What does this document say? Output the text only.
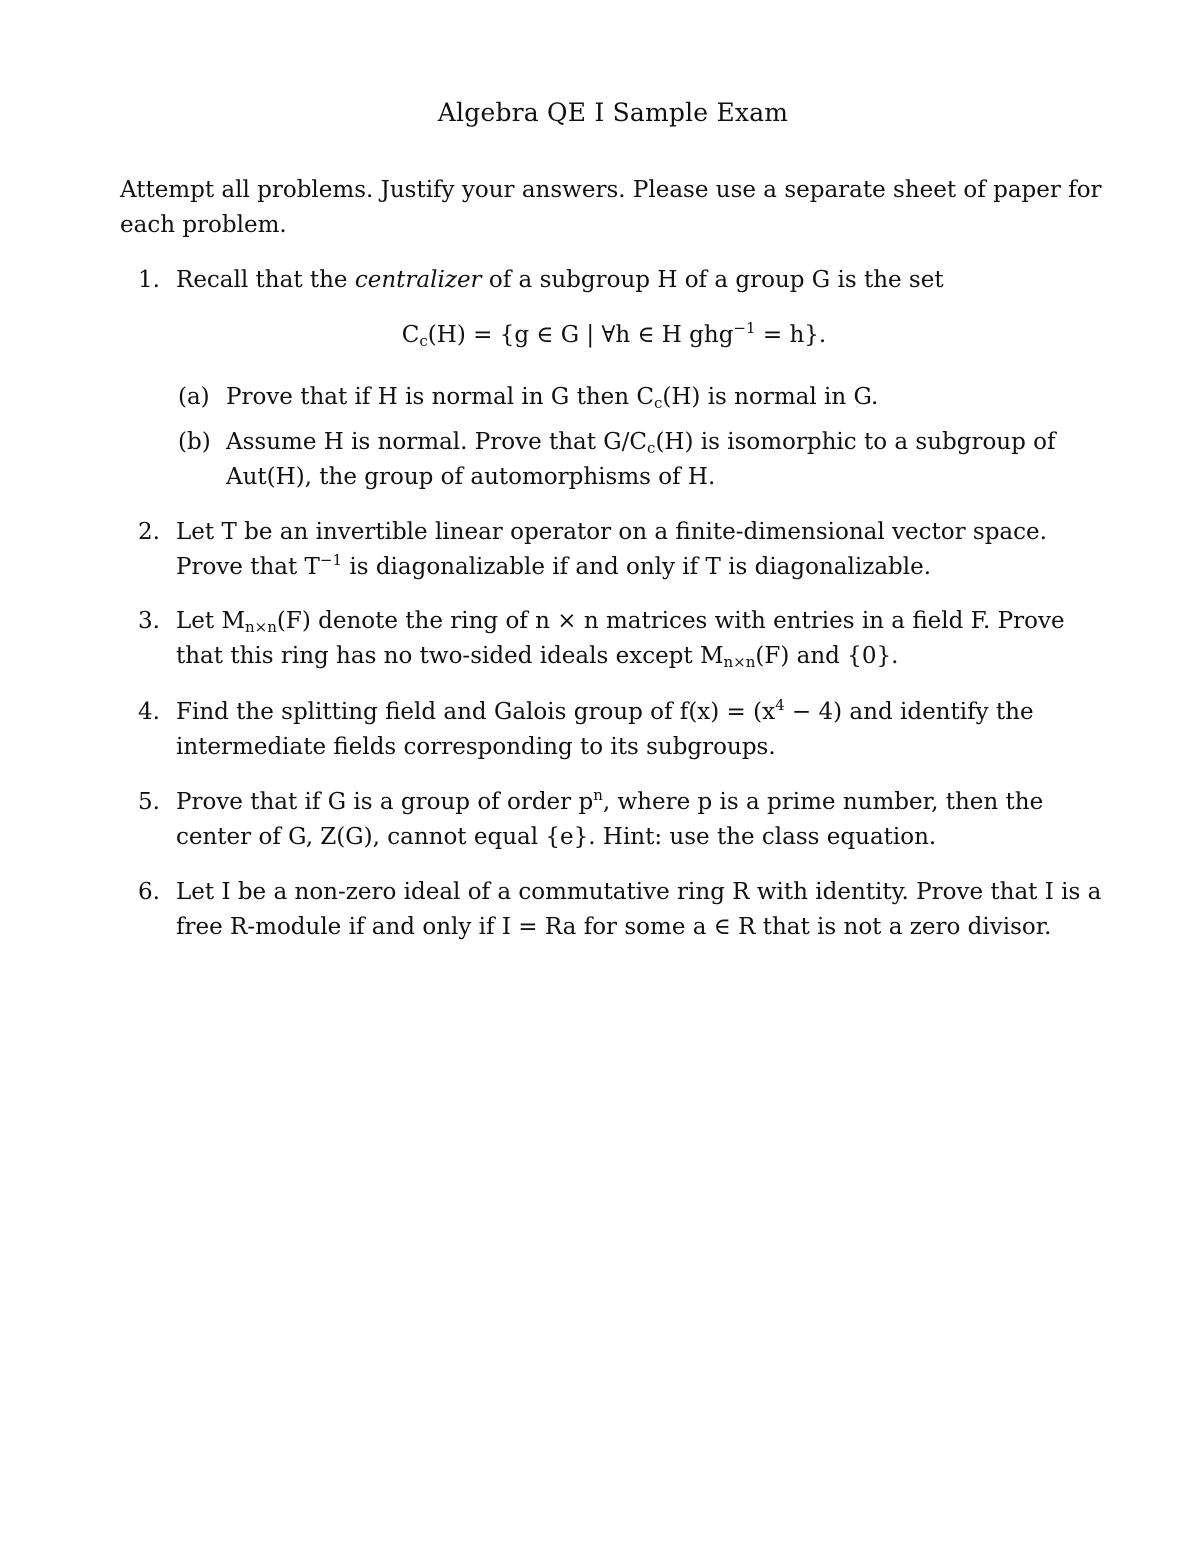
Algebra QE I Sample Exam
Attempt all problems. Justify your answers. Please use a separate sheet of paper for each problem.
1. Recall that the centralizer of a subgroup H of a group G is the set
$C_c(H) = \{g$ ∈ G | ∀h ∈ H ghg$^{-1}$ = h}.
(a) Prove that if H is normal in G then $C_c(H)$ is normal in G.
(b) Assume H is normal. Prove that $G/C_c(H)$ is isomorphic to a subgroup of Aut(H), the group of automorphisms of H.
2. Let T be an invertible linear operator on a finite-dimensional vector space. Prove that $T^{-1}$ is diagonalizable if and only if T is diagonalizable.
3. Let $M_{n\times n}(F)$ denote the ring of n × n matrices with entries in a field F. Prove that this ring has no two-sided ideals except $M_{n\times n}(F)$ and {0}.
4. Find the splitting field and Galois group of $f(x) = (x^4 - 4)$ and identify the intermediate fields corresponding to its subgroups.
5. Prove that if G is a group of order $p^n$, where p is a prime number, then the center of G, Z(G), cannot equal {e}. Hint: use the class equation.
6. Let I be a non-zero ideal of a commutative ring R with identity. Prove that I is a free R-module if and only if I = Ra for some a ∈ R that is not a zero divisor.
